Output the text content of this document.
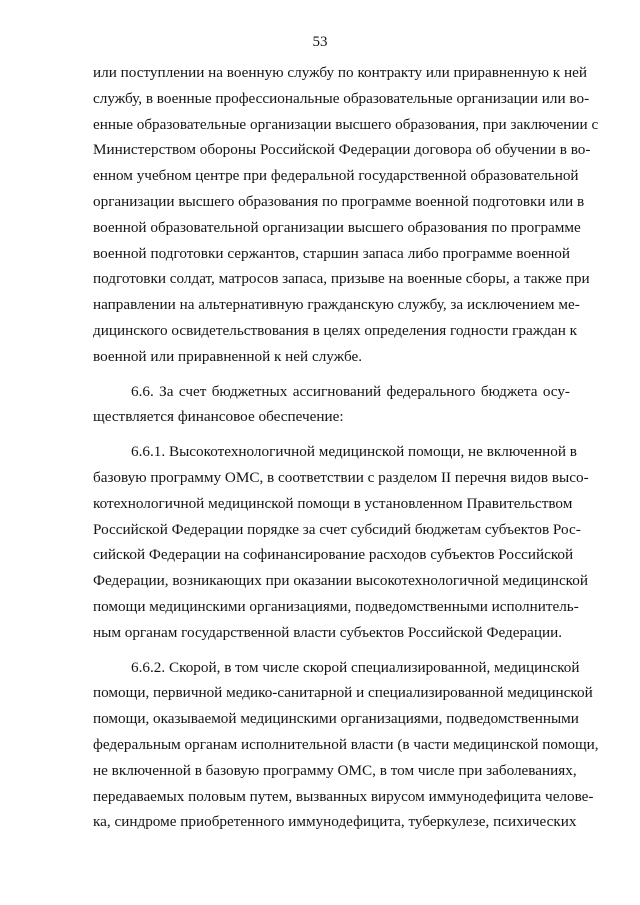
53
или поступлении на военную службу по контракту или приравненную к ней
службу, в военные профессиональные образовательные организации или во-
енные образовательные организации высшего образования, при заключении с
Министерством обороны Российской Федерации договора об обучении в во-
енном учебном центре при федеральной государственной образовательной
организации высшего образования по программе военной подготовки или в
военной образовательной организации высшего образования по программе
военной подготовки сержантов, старшин запаса либо программе военной
подготовки солдат, матросов запаса, призыве на военные сборы, а также при
направлении на альтернативную гражданскую службу, за исключением ме-
дицинского освидетельствования в целях определения годности граждан к
военной или приравненной к ней службе.
6.6. За счет бюджетных ассигнований федерального бюджета осу-
ществляется финансовое обеспечение:
6.6.1. Высокотехнологичной медицинской помощи, не включенной в
базовую программу ОМС, в соответствии с разделом II перечня видов высо-
котехнологичной медицинской помощи в установленном Правительством
Российской Федерации порядке за счет субсидий бюджетам субъектов Рос-
сийской Федерации на софинансирование расходов субъектов Российской
Федерации, возникающих при оказании высокотехнологичной медицинской
помощи медицинскими организациями, подведомственными исполнитель-
ным органам государственной власти субъектов Российской Федерации.
6.6.2. Скорой, в том числе скорой специализированной, медицинской
помощи, первичной медико-санитарной и специализированной медицинской
помощи, оказываемой медицинскими организациями, подведомственными
федеральным органам исполнительной власти (в части медицинской помощи,
не включенной в базовую программу ОМС, в том числе при заболеваниях,
передаваемых половым путем, вызванных вирусом иммунодефицита челове-
ка, синдроме приобретенного иммунодефицита, туберкулезе, психических
